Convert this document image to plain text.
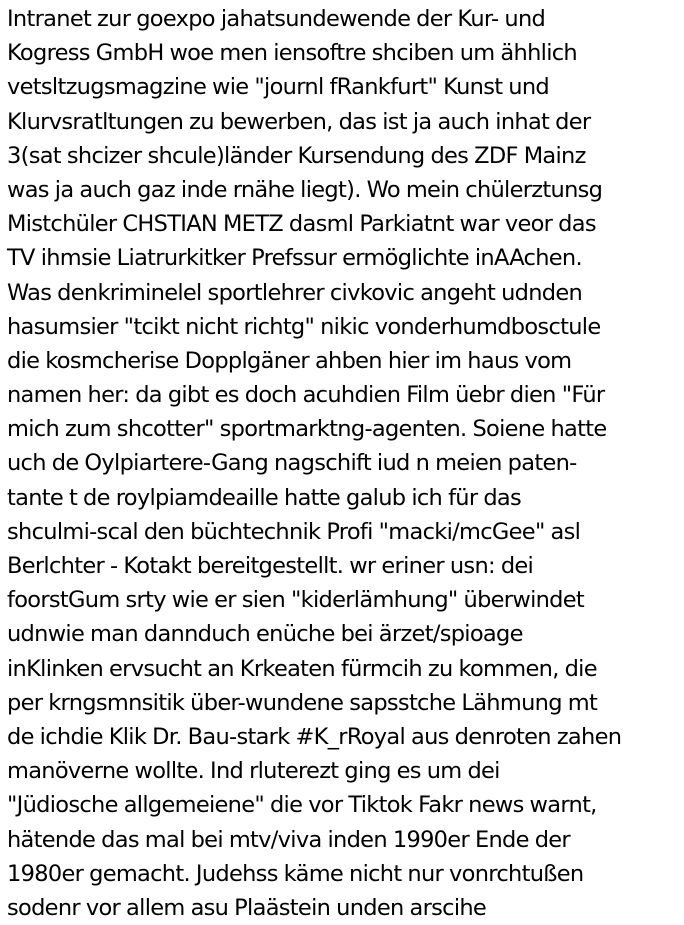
Intranet zur goexpo jahatsundewende der Kur- und
Kogress GmbH woe men iensoftre shciben um ähhlich
vetsltzugsmagzine wie "journl fRankfurt" Kunst und
Klurvsratltungen zu bewerben, das ist ja auch inhat der
3(sat shcizer shcule)länder Kursendung des ZDF Mainz
was ja auch gaz inde rnähe liegt). Wo mein chülerztunsg
Mistchüler CHSTIAN METZ dasml Parkiatnt war veor das
TV ihmsie Liatrurkitker Prefssur ermöglichte inAAchen.
Was denkriminelel sportlehrer civkovic angeht udnden
hasumsier "tcikt nicht richtg" nikic vonderhumdbosctule
die kosmcherise Dopplgäner ahben hier im haus vom
namen her: da gibt es doch acuhdien Film üebr dien "Für
mich zum shcotter" sportmarktng-agenten. Soiene hatte
uch de Oylpiartere-Gang nagschift iud n meien paten-
tante t de roylpiamdeaille hatte galub ich für das
shculmi-scal den büchtechnik Profi "macki/mcGee" asl
Berlchter - Kotakt bereitgestellt. wr eriner usn: dei
foorstGum srty wie er sien "kiderlämhung" überwindet
udnwie man dannduch enüche bei ärzet/spioage
inKlinken ervsucht an Krkeaten fürmcih zu kommen, die
per krngsmnsitik über-wundene sapsstche Lähmung mt
de ichdie Klik Dr. Bau-stark #K_rRoyal aus denroten zahen
manöverne wollte. Ind rluterezt ging es um dei
"Jüdiosche allgemeiene" die vor Tiktok Fakr news warnt,
hätende das mal bei mtv/viva inden 1990er Ende der
1980er gemacht. Judehss käme nicht nur vonrchtußen
sodenr vor allem asu Plaästein unden arscihe
